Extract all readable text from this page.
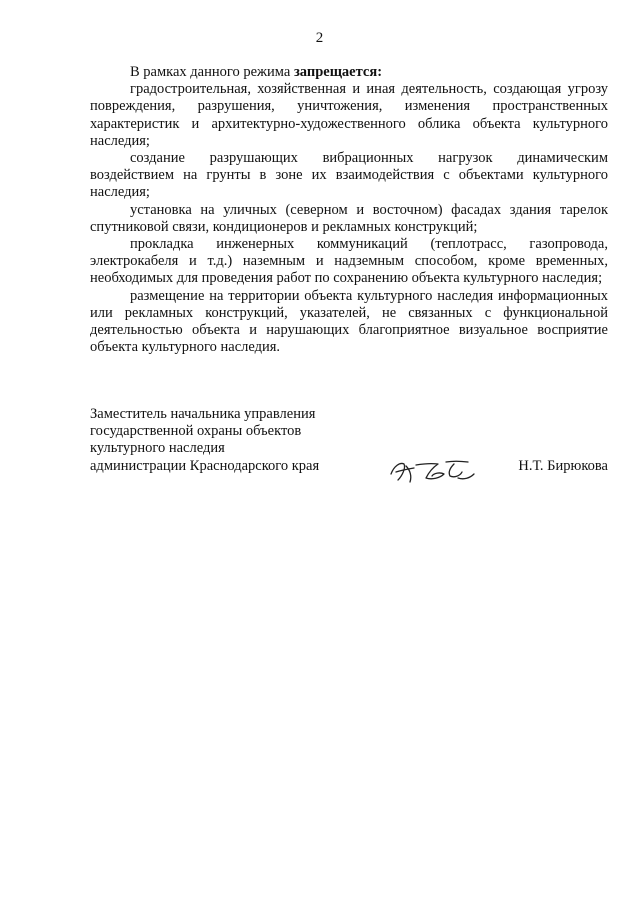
2

В рамках данного режима запрещается:

градостроительная, хозяйственная и иная деятельность, создающая угрозу повреждения, разрушения, уничтожения, изменения пространственных характеристик и архитектурно-художественного облика объекта культурного наследия;

создание разрушающих вибрационных нагрузок динамическим воздействием на грунты в зоне их взаимодействия с объектами культурного наследия;

установка на уличных (северном и восточном) фасадах здания тарелок спутниковой связи, кондиционеров и рекламных конструкций;

прокладка инженерных коммуникаций (теплотрасс, газопровода, электрокабеля и т.д.) наземным и надземным способом, кроме временных, необходимых для проведения работ по сохранению объекта культурного наследия;

размещение на территории объекта культурного наследия информационных или рекламных конструкций, указателей, не связанных с функциональной деятельностью объекта и нарушающих благоприятное визуальное восприятие объекта культурного наследия.

Заместитель начальника управления
государственной охраны объектов
культурного наследия
администрации Краснодарского края	Н.Т. Бирюкова
